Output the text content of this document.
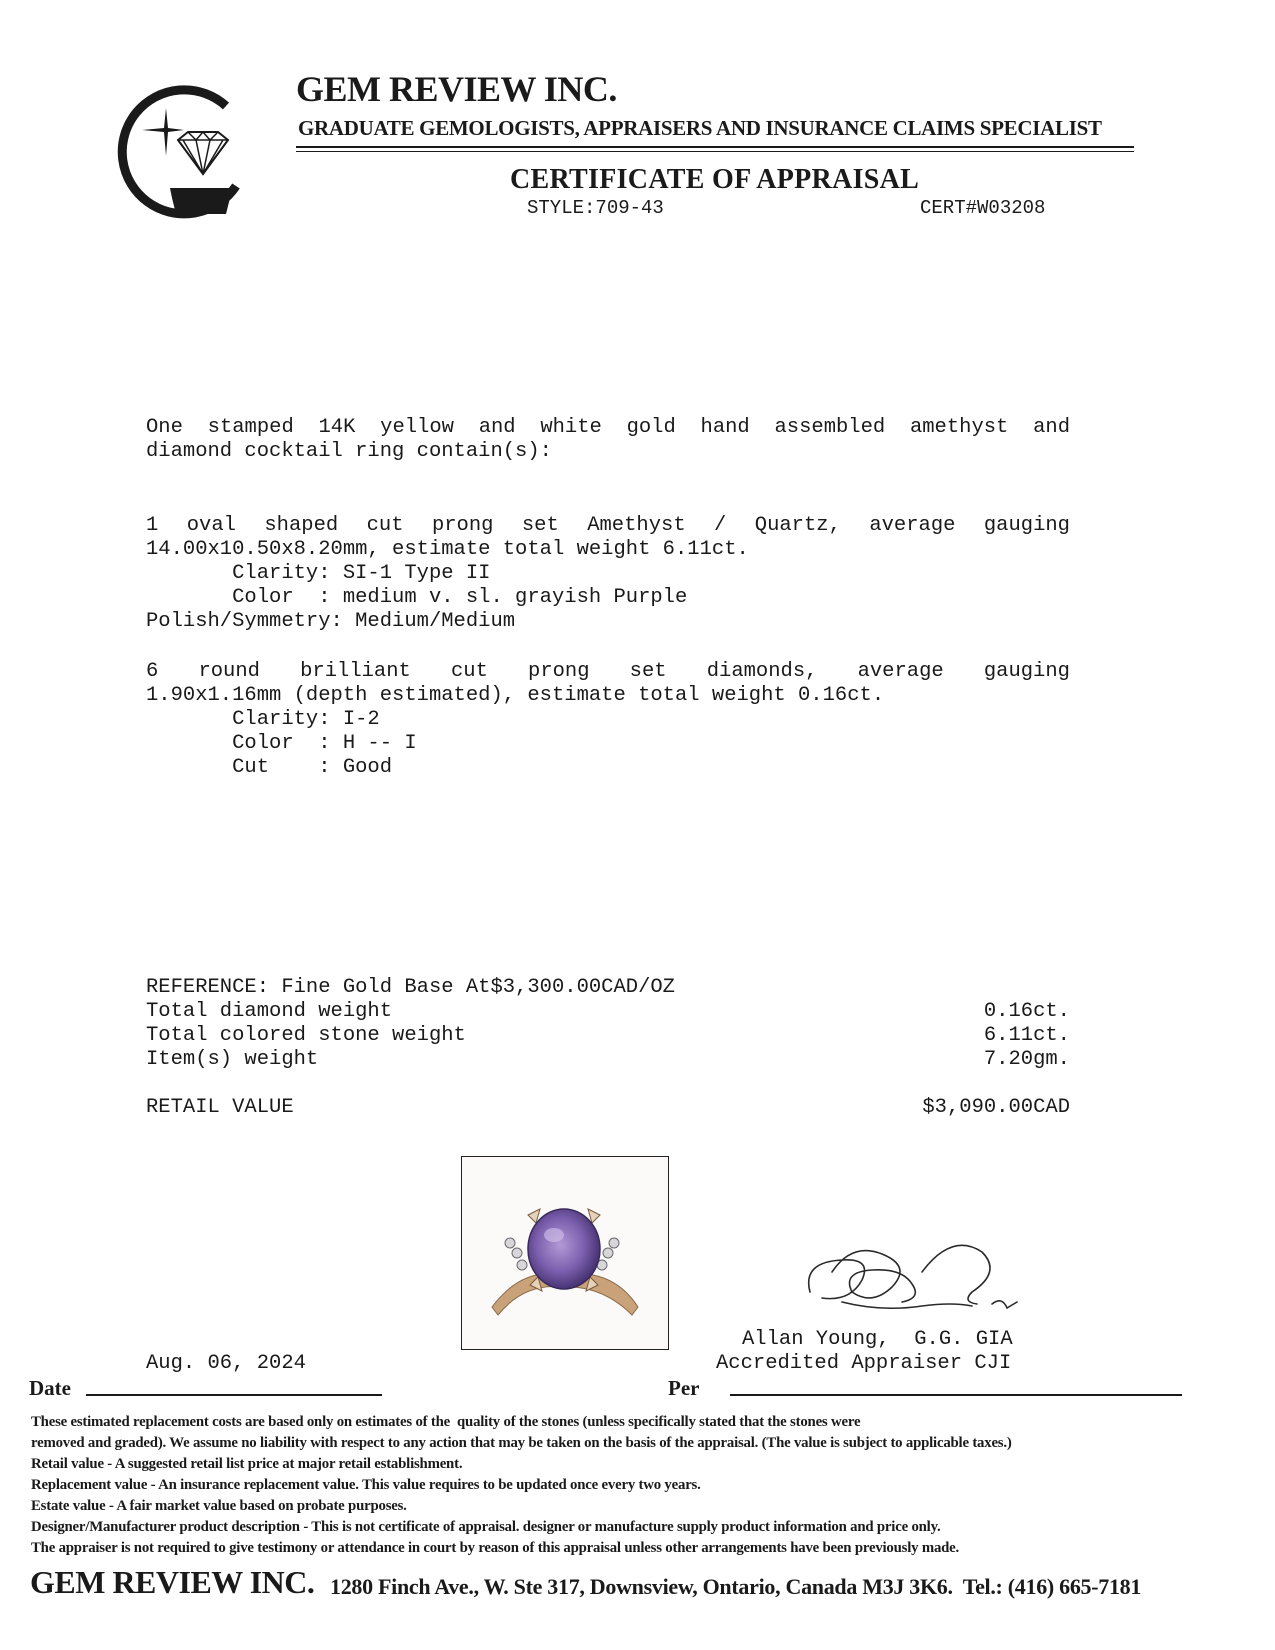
GEM REVIEW INC.
GRADUATE GEMOLOGISTS, APPRAISERS AND INSURANCE CLAIMS SPECIALIST
CERTIFICATE OF APPRAISAL
STYLE:709-43	CERT#W03208
One stamped 14K yellow and white gold hand assembled amethyst and
diamond cocktail ring contain(s):
1 oval shaped cut prong set Amethyst / Quartz, average gauging
14.00x10.50x8.20mm, estimate total weight 6.11ct.
Clarity: SI-1 Type II
Color  : medium v. sl. grayish Purple
Polish/Symmetry: Medium/Medium
6 round brilliant cut prong set diamonds, average gauging
1.90x1.16mm (depth estimated), estimate total weight 0.16ct.
Clarity: I-2
Color  : H -- I
Cut    : Good
REFERENCE: Fine Gold Base At$3,300.00CAD/OZ
Total diamond weight	0.16ct.
Total colored stone weight	6.11ct.
Item(s) weight	7.20gm.
RETAIL VALUE	$3,090.00CAD
Allan Young,  G.G. GIA
Accredited Appraiser CJI
Aug. 06, 2024
Date	Per
These estimated replacement costs are based only on estimates of the  quality of the stones (unless specifically stated that the stones were
removed and graded). We assume no liability with respect to any action that may be taken on the basis of the appraisal. (The value is subject to applicable taxes.)
Retail value - A suggested retail list price at major retail establishment.
Replacement value - An insurance replacement value. This value requires to be updated once every two years.
Estate value - A fair market value based on probate purposes.
Designer/Manufacturer product description - This is not certificate of appraisal. designer or manufacture supply product information and price only.
The appraiser is not required to give testimony or attendance in court by reason of this appraisal unless other arrangements have been previously made.
GEM REVIEW INC. 1280 Finch Ave., W. Ste 317, Downsview, Ontario, Canada M3J 3K6.  Tel.: (416) 665-7181
